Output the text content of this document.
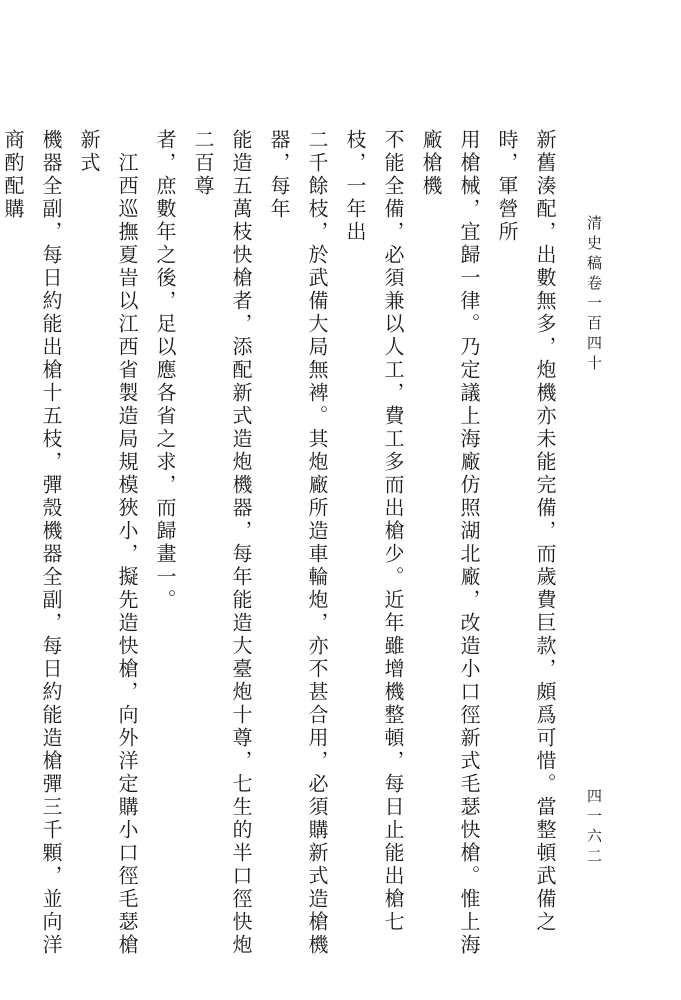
清史稿卷一百四十
四一六二
新舊湊配，出數無多，炮機亦未能完備，而歲費巨款，頗爲可惜。當整頓武備之時，軍營所
用槍械，宜歸一律。乃定議上海廠仿照湖北廠，改造小口徑新式毛瑟快槍。惟上海廠槍機
不能全備，必須兼以人工，費工多而出槍少。近年雖增機整頓，每日止能出槍七枝，一年出
二千餘枝，於武備大局無裨。其炮廠所造車輪炮，亦不甚合用，必須購新式造槍機器，每年
能造五萬枝快槍者，添配新式造炮機器，每年能造大臺炮十尊，七生的半口徑快炮二百尊
者，庶數年之後，足以應各省之求，而歸畫一。
　江西巡撫夏峕以江西省製造局規模狹小，擬先造快槍，向外洋定購小口徑毛瑟槍新式
機器全副，每日約能出槍十五枝，彈殼機器全副，每日約能造槍彈三千顆，並向洋商酌配購
